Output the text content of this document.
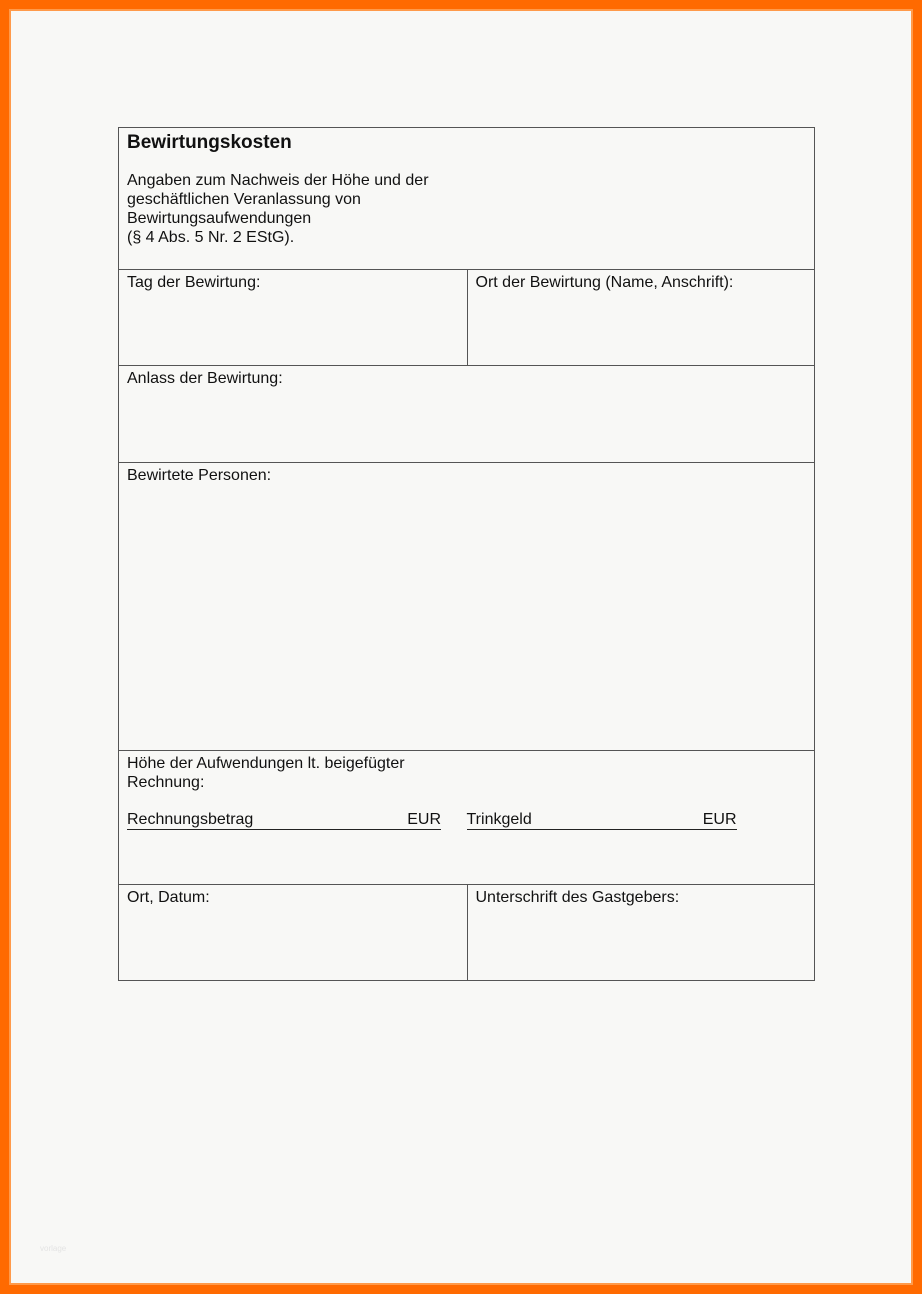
Bewirtungskosten
Angaben zum Nachweis der Höhe und der
geschäftlichen Veranlassung von
Bewirtungsaufwendungen
(§ 4 Abs. 5 Nr. 2 EStG).
Tag der Bewirtung:	Ort der Bewirtung (Name, Anschrift):
Anlass der Bewirtung:
Bewirtete Personen:
Höhe der Aufwendungen lt. beigefügter
Rechnung:
Rechnungsbetrag	EUR Trinkgeld	EUR
Ort, Datum:	Unterschrift des Gastgebers:
vorlage
